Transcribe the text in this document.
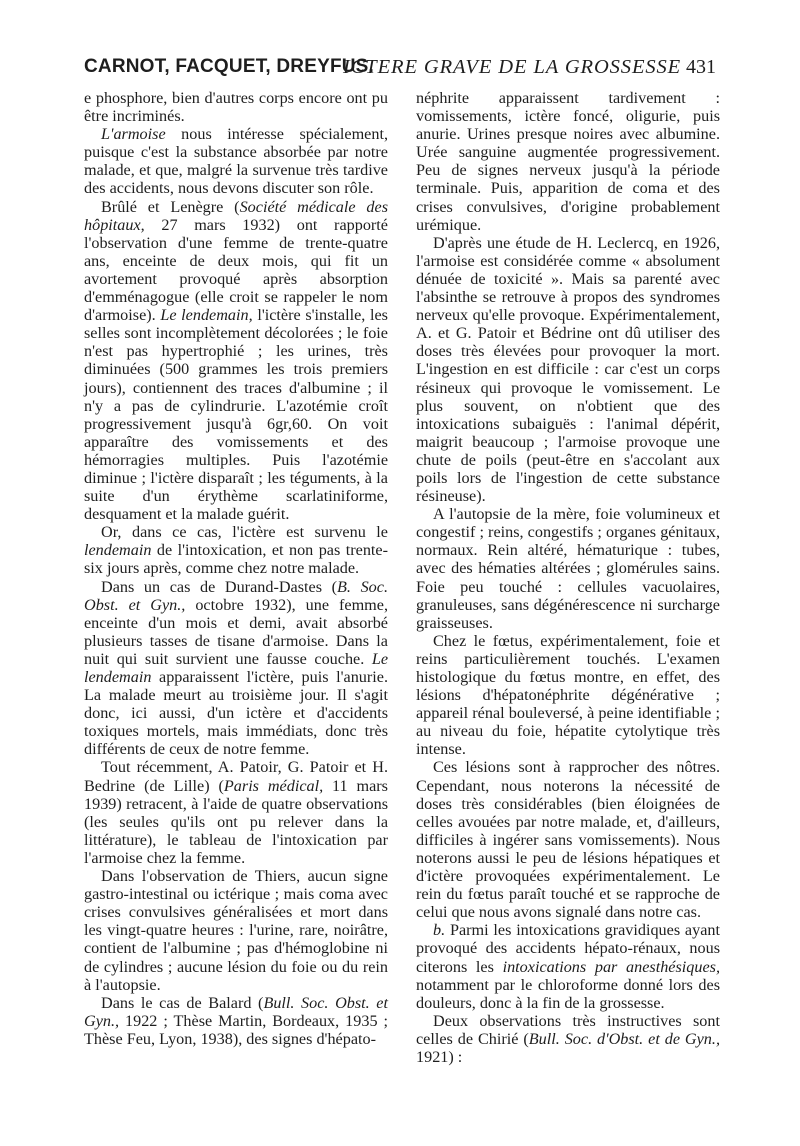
CARNOT, FACQUET, DREYFUS.
ICTERE GRAVE DE LA GROSSESSE 431

e phosphore, bien d'autres corps encore ont pu être incriminés.

L'armoise nous intéresse spécialement, puisque c'est la substance absorbée par notre malade, et que, malgré la survenue très tardive des accidents, nous devons discuter son rôle.

Brûlé et Lenègre (Société médicale des hôpitaux, 27 mars 1932) ont rapporté l'observation d'une femme de trente-quatre ans, enceinte de deux mois, qui fit un avortement provoqué après absorption d'emménagogue (elle croit se rappeler le nom d'armoise). Le lendemain, l'ictère s'installe, les selles sont incomplètement décolorées ; le foie n'est pas hypertrophié ; les urines, très diminuées (500 grammes les trois premiers jours), contiennent des traces d'albumine ; il n'y a pas de cylindrurie. L'azotémie croît progressivement jusqu'à 6gr,60. On voit apparaître des vomissements et des hémorragies multiples. Puis l'azotémie diminue ; l'ictère disparaît ; les téguments, à la suite d'un érythème scarlatiniforme, desquament et la malade guérit.

Or, dans ce cas, l'ictère est survenu le lendemain de l'intoxication, et non pas trente-six jours après, comme chez notre malade.

Dans un cas de Durand-Dastes (B. Soc. Obst. et Gyn., octobre 1932), une femme, enceinte d'un mois et demi, avait absorbé plusieurs tasses de tisane d'armoise. Dans la nuit qui suit survient une fausse couche. Le lendemain apparaissent l'ictère, puis l'anurie. La malade meurt au troisième jour. Il s'agit donc, ici aussi, d'un ictère et d'accidents toxiques mortels, mais immédiats, donc très différents de ceux de notre femme.

Tout récemment, A. Patoir, G. Patoir et H. Bedrine (de Lille) (Paris médical, 11 mars 1939) retracent, à l'aide de quatre observations (les seules qu'ils ont pu relever dans la littérature), le tableau de l'intoxication par l'armoise chez la femme.

Dans l'observation de Thiers, aucun signe gastro-intestinal ou ictérique ; mais coma avec crises convulsives généralisées et mort dans les vingt-quatre heures : l'urine, rare, noirâtre, contient de l'albumine ; pas d'hémoglobine ni de cylindres ; aucune lésion du foie ou du rein à l'autopsie.

Dans le cas de Balard (Bull. Soc. Obst. et Gyn., 1922 ; Thèse Martin, Bordeaux, 1935 ; Thèse Feu, Lyon, 1938), des signes d'hépato-

néphrite apparaissent tardivement : vomissements, ictère foncé, oligurie, puis anurie. Urines presque noires avec albumine. Urée sanguine augmentée progressivement. Peu de signes nerveux jusqu'à la période terminale. Puis, apparition de coma et des crises convulsives, d'origine probablement urémique.

D'après une étude de H. Leclercq, en 1926, l'armoise est considérée comme « absolument dénuée de toxicité ». Mais sa parenté avec l'absinthe se retrouve à propos des syndromes nerveux qu'elle provoque. Expérimentalement, A. et G. Patoir et Bédrine ont dû utiliser des doses très élevées pour provoquer la mort. L'ingestion en est difficile : car c'est un corps résineux qui provoque le vomissement. Le plus souvent, on n'obtient que des intoxications subaiguës : l'animal dépérit, maigrit beaucoup ; l'armoise provoque une chute de poils (peut-être en s'accolant aux poils lors de l'ingestion de cette substance résineuse).

A l'autopsie de la mère, foie volumineux et congestif ; reins, congestifs ; organes génitaux, normaux. Rein altéré, hématurique : tubes, avec des hématies altérées ; glomérules sains. Foie peu touché : cellules vacuolaires, granuleuses, sans dégénérescence ni surcharge graisseuses.

Chez le fœtus, expérimentalement, foie et reins particulièrement touchés. L'examen histologique du fœtus montre, en effet, des lésions d'hépatonéphrite dégénérative ; appareil rénal bouleversé, à peine identifiable ; au niveau du foie, hépatite cytolytique très intense.

Ces lésions sont à rapprocher des nôtres. Cependant, nous noterons la nécessité de doses très considérables (bien éloignées de celles avouées par notre malade, et, d'ailleurs, difficiles à ingérer sans vomissements). Nous noterons aussi le peu de lésions hépatiques et d'ictère provoquées expérimentalement. Le rein du fœtus paraît touché et se rapproche de celui que nous avons signalé dans notre cas.

b. Parmi les intoxications gravidiques ayant provoqué des accidents hépato-rénaux, nous citerons les intoxications par anesthésiques, notamment par le chloroforme donné lors des douleurs, donc à la fin de la grossesse.

Deux observations très instructives sont celles de Chirié (Bull. Soc. d'Obst. et de Gyn., 1921) :
